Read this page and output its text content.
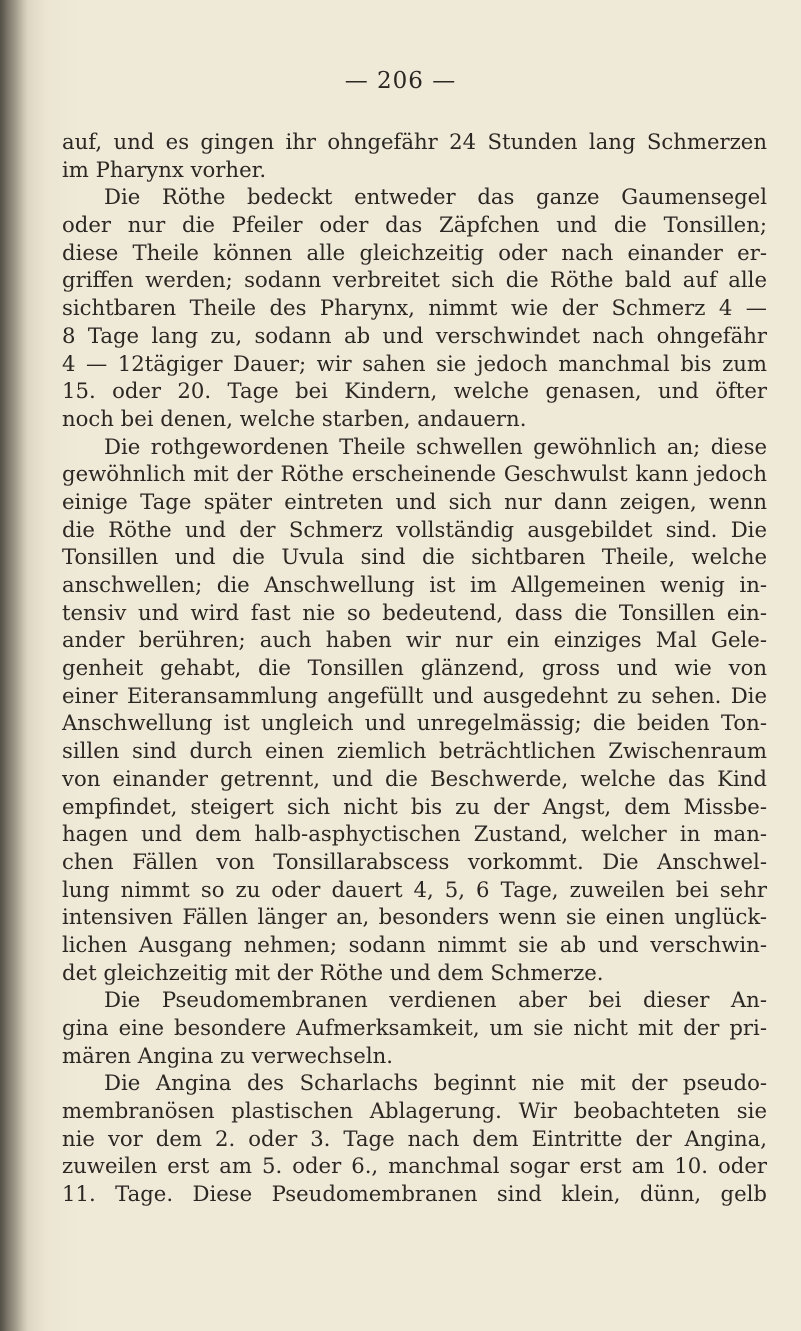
— 206 —
auf, und es gingen ihr ohngefähr 24 Stunden lang Schmerzen
im Pharynx vorher.
Die Röthe bedeckt entweder das ganze Gaumensegel
oder nur die Pfeiler oder das Zäpfchen und die Tonsillen;
diese Theile können alle gleichzeitig oder nach einander er-
griffen werden; sodann verbreitet sich die Röthe bald auf alle
sichtbaren Theile des Pharynx, nimmt wie der Schmerz 4 —
8 Tage lang zu, sodann ab und verschwindet nach ohngefähr
4 — 12tägiger Dauer; wir sahen sie jedoch manchmal bis zum
15. oder 20. Tage bei Kindern, welche genasen, und öfter
noch bei denen, welche starben, andauern.
Die rothgewordenen Theile schwellen gewöhnlich an; diese
gewöhnlich mit der Röthe erscheinende Geschwulst kann jedoch
einige Tage später eintreten und sich nur dann zeigen, wenn
die Röthe und der Schmerz vollständig ausgebildet sind. Die
Tonsillen und die Uvula sind die sichtbaren Theile, welche
anschwellen; die Anschwellung ist im Allgemeinen wenig in-
tensiv und wird fast nie so bedeutend, dass die Tonsillen ein-
ander berühren; auch haben wir nur ein einziges Mal Gele-
genheit gehabt, die Tonsillen glänzend, gross und wie von
einer Eiteransammlung angefüllt und ausgedehnt zu sehen. Die
Anschwellung ist ungleich und unregelmässig; die beiden Ton-
sillen sind durch einen ziemlich beträchtlichen Zwischenraum
von einander getrennt, und die Beschwerde, welche das Kind
empfindet, steigert sich nicht bis zu der Angst, dem Missbe-
hagen und dem halb-asphyctischen Zustand, welcher in man-
chen Fällen von Tonsillarabscess vorkommt. Die Anschwel-
lung nimmt so zu oder dauert 4, 5, 6 Tage, zuweilen bei sehr
intensiven Fällen länger an, besonders wenn sie einen unglück-
lichen Ausgang nehmen; sodann nimmt sie ab und verschwin-
det gleichzeitig mit der Röthe und dem Schmerze.
Die Pseudomembranen verdienen aber bei dieser An-
gina eine besondere Aufmerksamkeit, um sie nicht mit der pri-
mären Angina zu verwechseln.
Die Angina des Scharlachs beginnt nie mit der pseudo-
membranösen plastischen Ablagerung. Wir beobachteten sie
nie vor dem 2. oder 3. Tage nach dem Eintritte der Angina,
zuweilen erst am 5. oder 6., manchmal sogar erst am 10. oder
11. Tage. Diese Pseudomembranen sind klein, dünn, gelb
